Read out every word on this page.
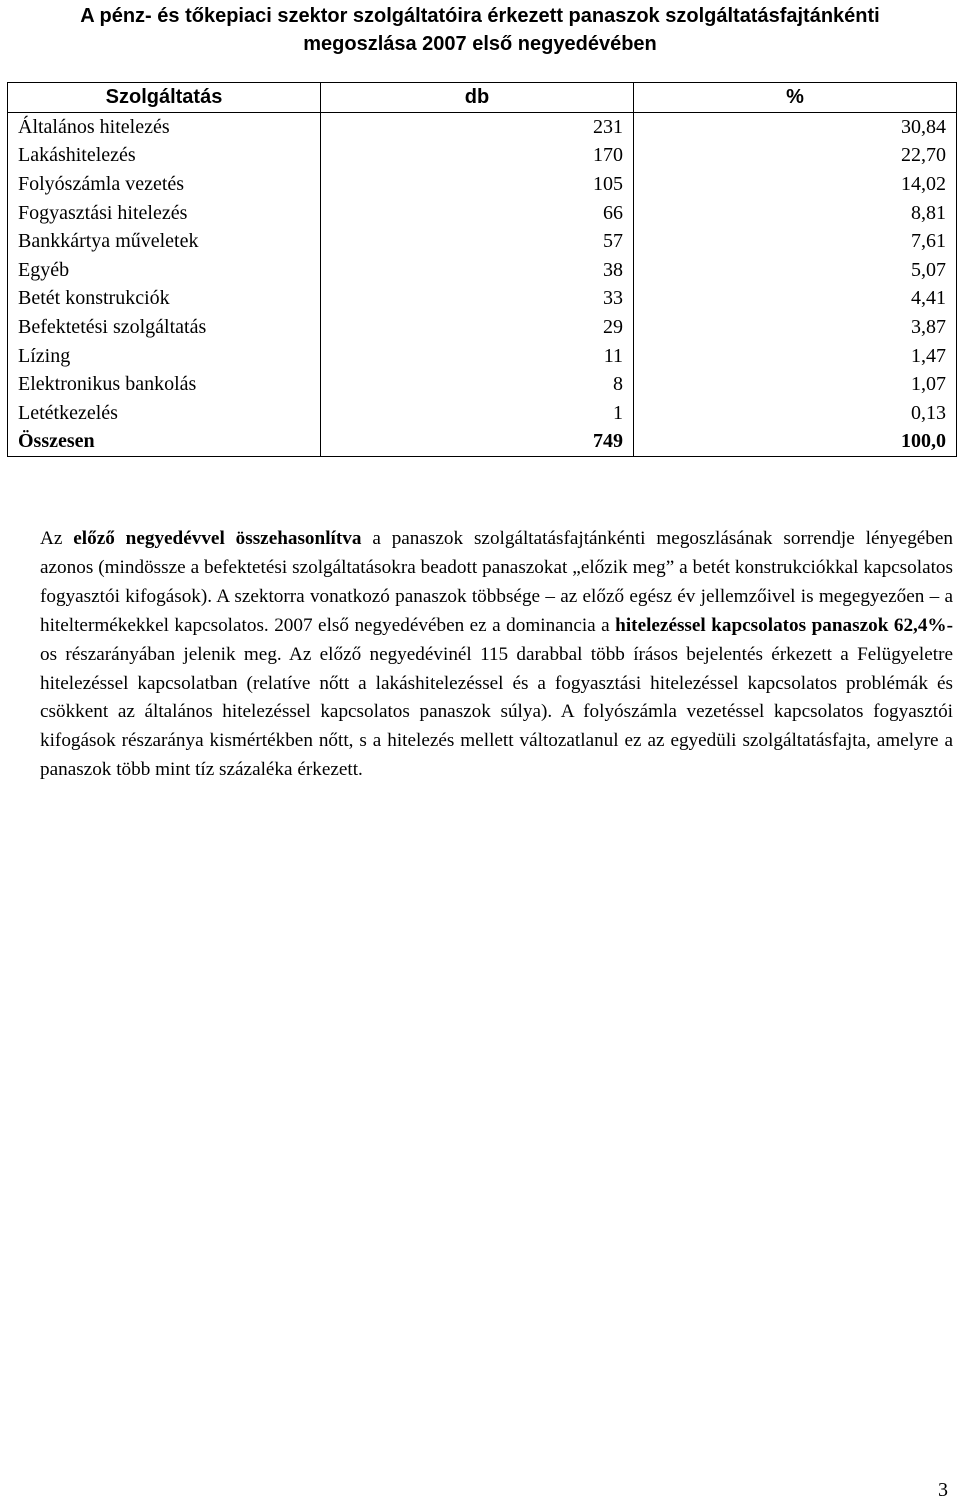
A pénz- és tőkepiaci szektor szolgáltatóira érkezett panaszok szolgáltatásfajtánkénti
megoszlása 2007 első negyedévében
Szolgáltatás	db	%
Általános hitelezés	231	30,84
Lakáshitelezés	170	22,70
Folyószámla vezetés	105	14,02
Fogyasztási hitelezés	66	8,81
Bankkártya műveletek	57	7,61
Egyéb	38	5,07
Betét konstrukciók	33	4,41
Befektetési szolgáltatás	29	3,87
Lízing	11	1,47
Elektronikus bankolás	8	1,07
Letétkezelés	1	0,13
Összesen	749	100,0

Az előző negyedévvel összehasonlítva a panaszok szolgáltatásfajtánkénti megoszlásának sorrendje lényegében azonos (mindössze a befektetési szolgáltatásokra beadott panaszokat „előzik meg” a betét konstrukciókkal kapcsolatos fogyasztói kifogások). A szektorra vonatkozó panaszok többsége – az előző egész év jellemzőivel is megegyezően – a hiteltermékekkel kapcsolatos. 2007 első negyedévében ez a dominancia a hitelezéssel kapcsolatos panaszok 62,4%-os részarányában jelenik meg. Az előző negyedévinél 115 darabbal több írásos bejelentés érkezett a Felügyeletre hitelezéssel kapcsolatban (relatíve nőtt a lakáshitelezéssel és a fogyasztási hitelezéssel kapcsolatos problémák és csökkent az általános hitelezéssel kapcsolatos panaszok súlya). A folyószámla vezetéssel kapcsolatos fogyasztói kifogások részaránya kismértékben nőtt, s a hitelezés mellett változatlanul ez az egyedüli szolgáltatásfajta, amelyre a panaszok több mint tíz százaléka érkezett.

3
